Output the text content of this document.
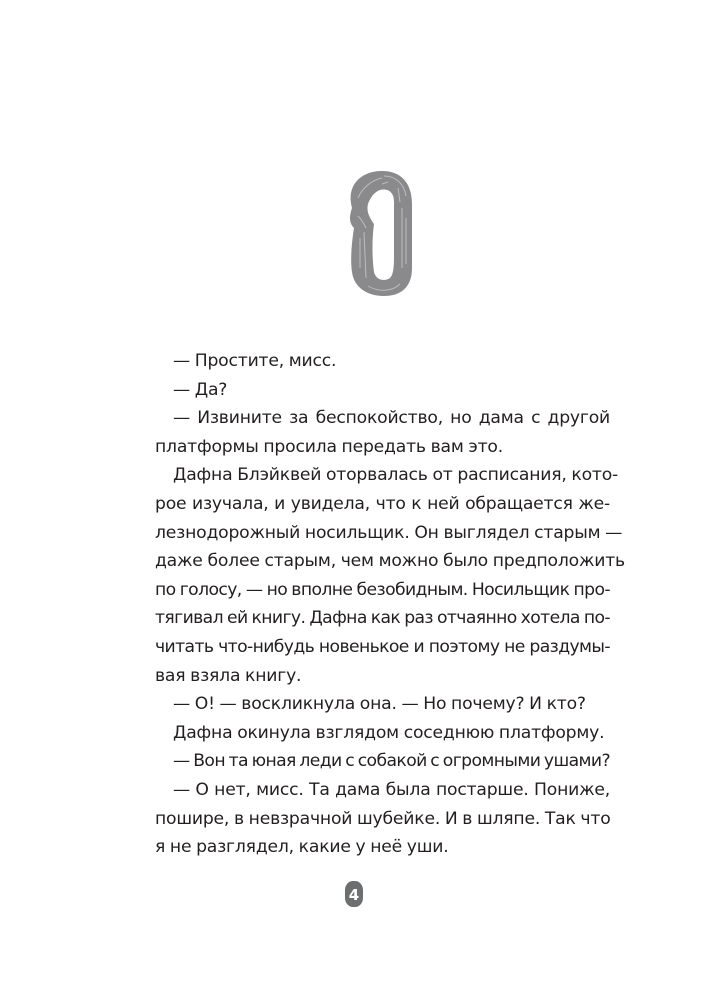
— Простите, мисс.
— Да?
— Извините за беспокойство, но дама с другой
платформы просила передать вам это.
Дафна Блэйквей оторвалась от расписания, кото-
рое изучала, и увидела, что к ней обращается же-
лезнодорожный носильщик. Он выглядел старым —
даже более старым, чем можно было предположить
по голосу, — но вполне безобидным. Носильщик про-
тягивал ей книгу. Дафна как раз отчаянно хотела по-
читать что-нибудь новенькое и поэтому не раздумы-
вая взяла книгу.
— О! — воскликнула она. — Но почему? И кто?
Дафна окинула взглядом соседнюю платформу.
— Вон та юная леди с собакой с огромными ушами?
— О нет, мисс. Та дама была постарше. Пониже,
пошире, в невзрачной шубейке. И в шляпе. Так что
я не разглядел, какие у неё уши.
4
